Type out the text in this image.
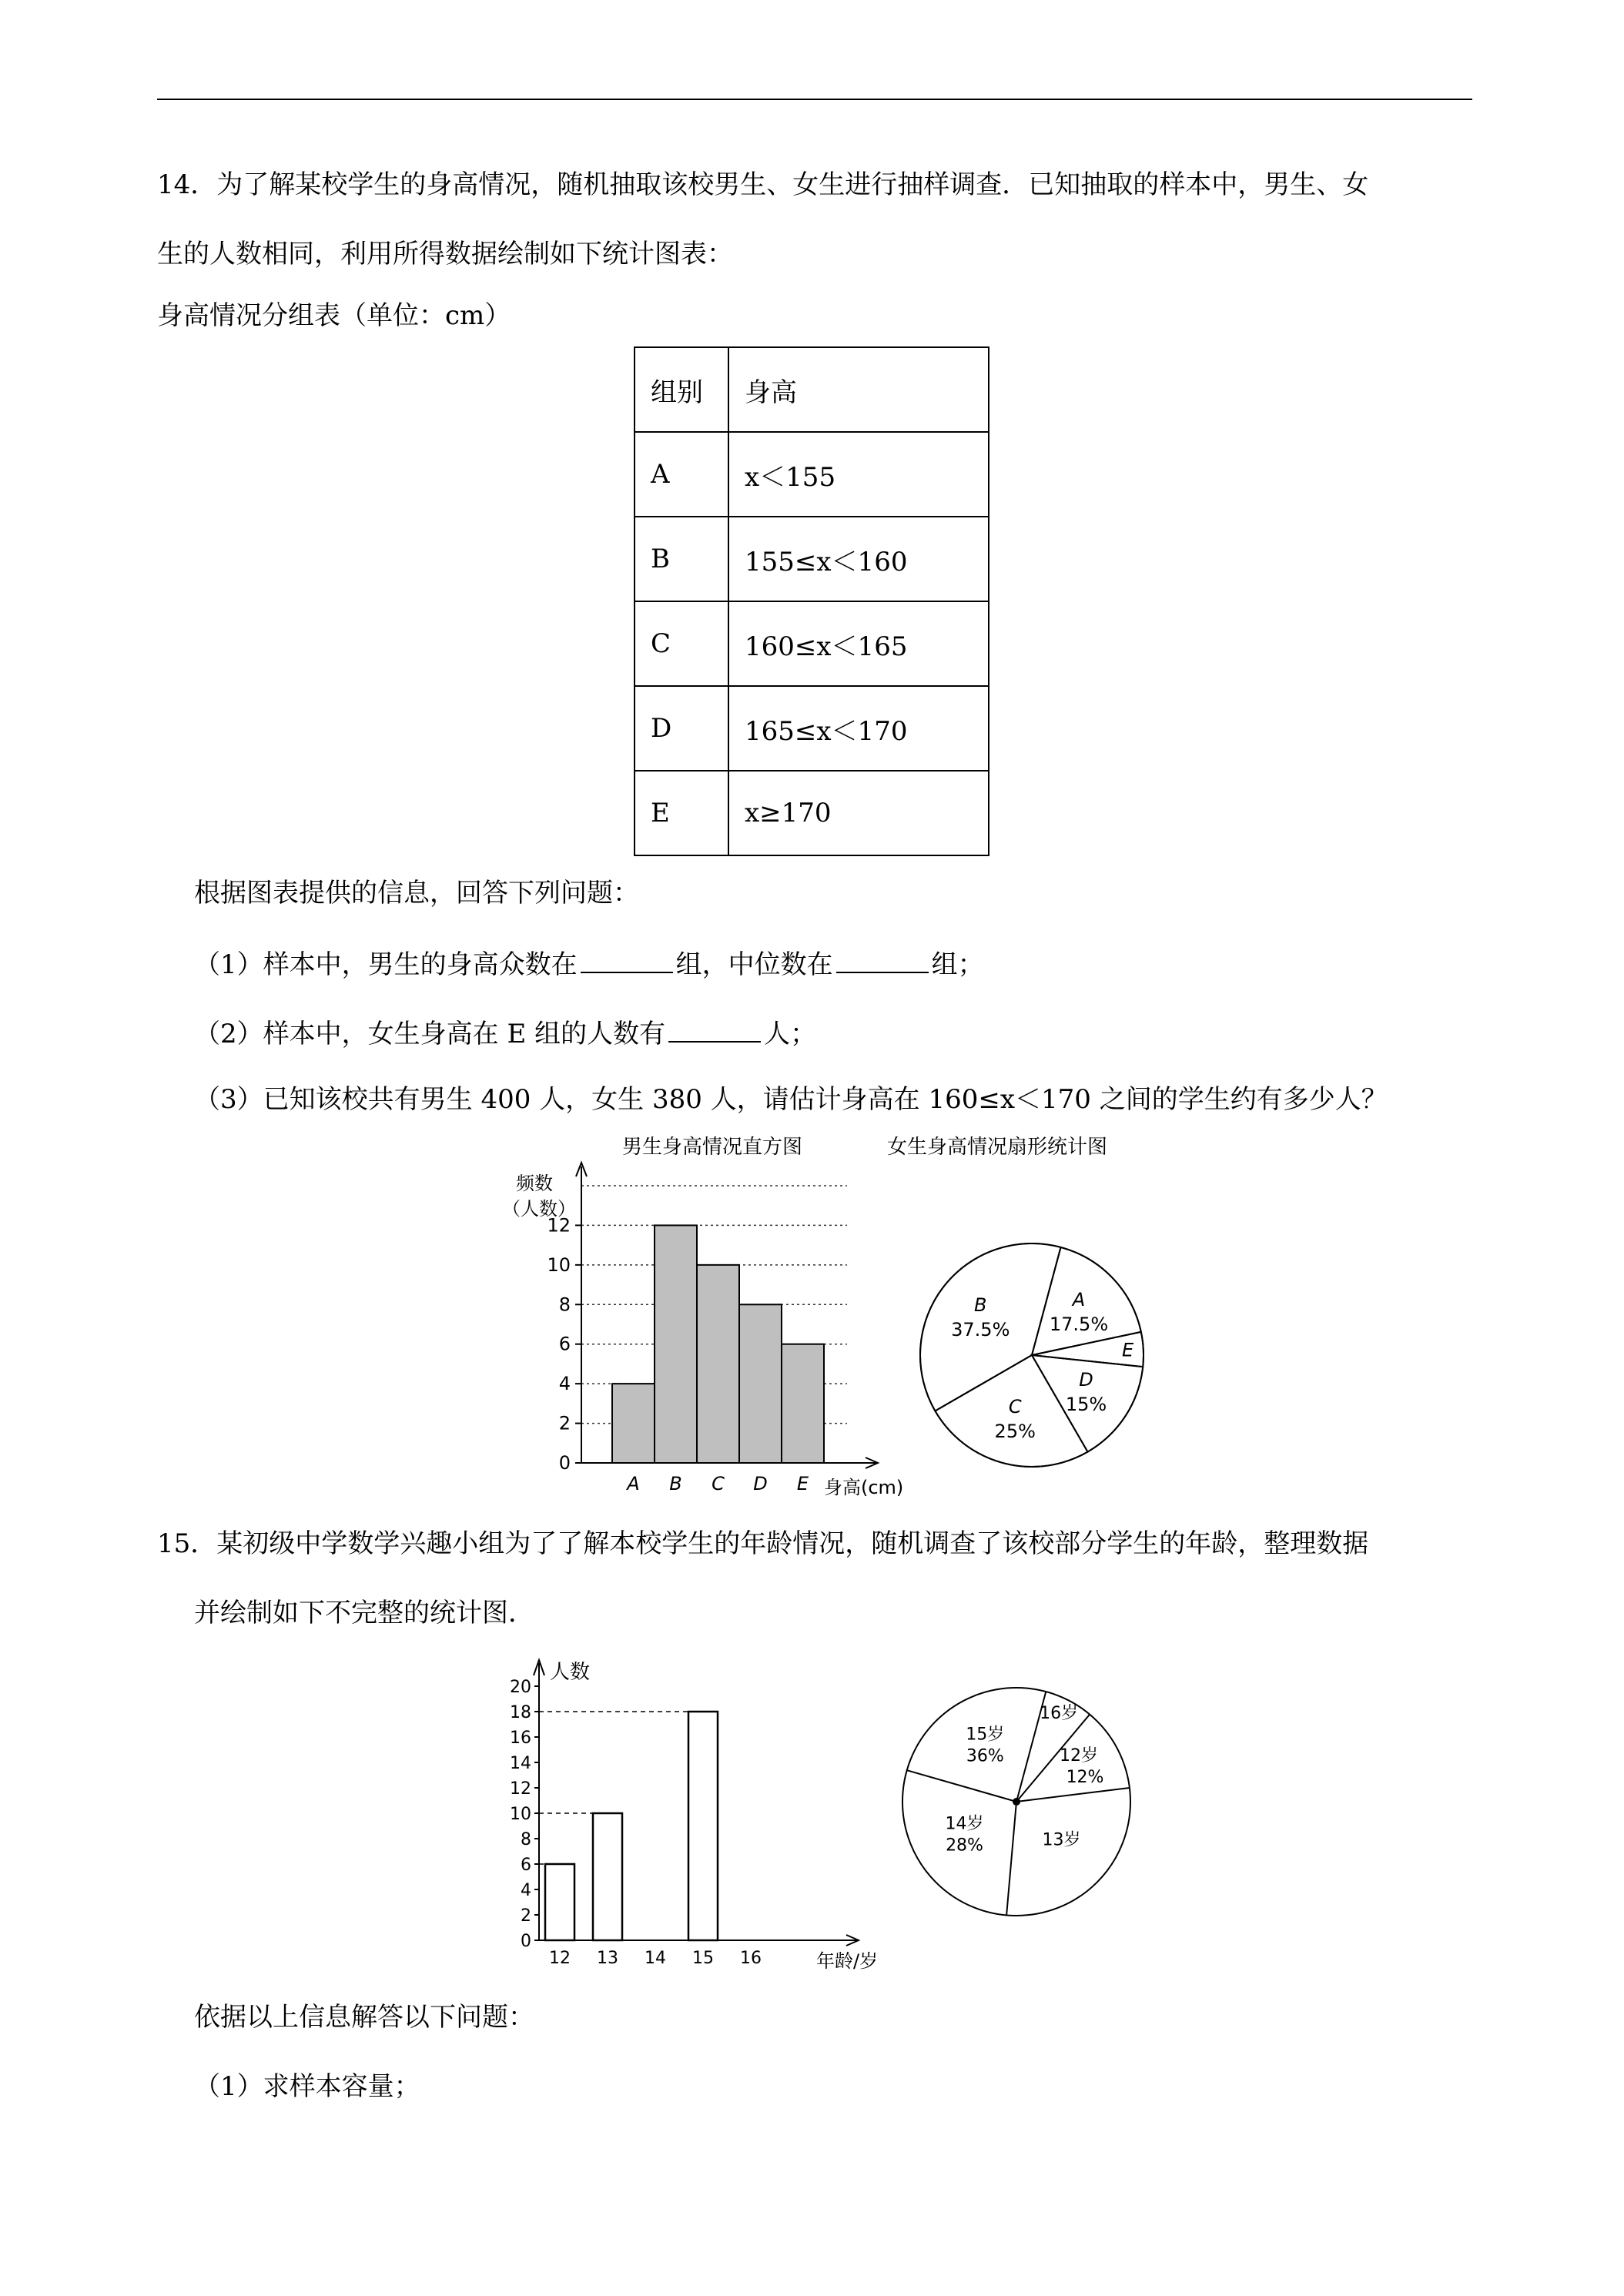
14．为了解某校学生的身高情况，随机抽取该校男生、女生进行抽样调查．已知抽取的样本中，男生、女
生的人数相同，利用所得数据绘制如下统计图表：
身高情况分组表（单位：cm）
组别	身高
A	x＜155
B	155≤x＜160
C	160≤x＜165
D	165≤x＜170
E	x≥170
根据图表提供的信息，回答下列问题：
（1）样本中，男生的身高众数在	组，中位数在	组；
（2）样本中，女生身高在 E 组的人数有	人；
（3）已知该校共有男生 400 人，女生 380 人，请估计身高在 160≤x＜170 之间的学生约有多少人？
男生身高情况直方图
频数
（人数）
A B C D E
0
2
4
6
8
10
12
身高(cm)
女生身高情况扇形统计图
A
17.5%
E
D
15%
C
25%
B
37.5%
15．某初级中学数学兴趣小组为了了解本校学生的年龄情况，随机调查了该校部分学生的年龄，整理数据
并绘制如下不完整的统计图．
人数
年龄/岁
0
2
4
6
8
10
12
14
16
18
20
12 13 14 15 16
16岁
12岁
12%
13岁
14岁
28%
15岁
36%
依据以上信息解答以下问题：
（1）求样本容量；
